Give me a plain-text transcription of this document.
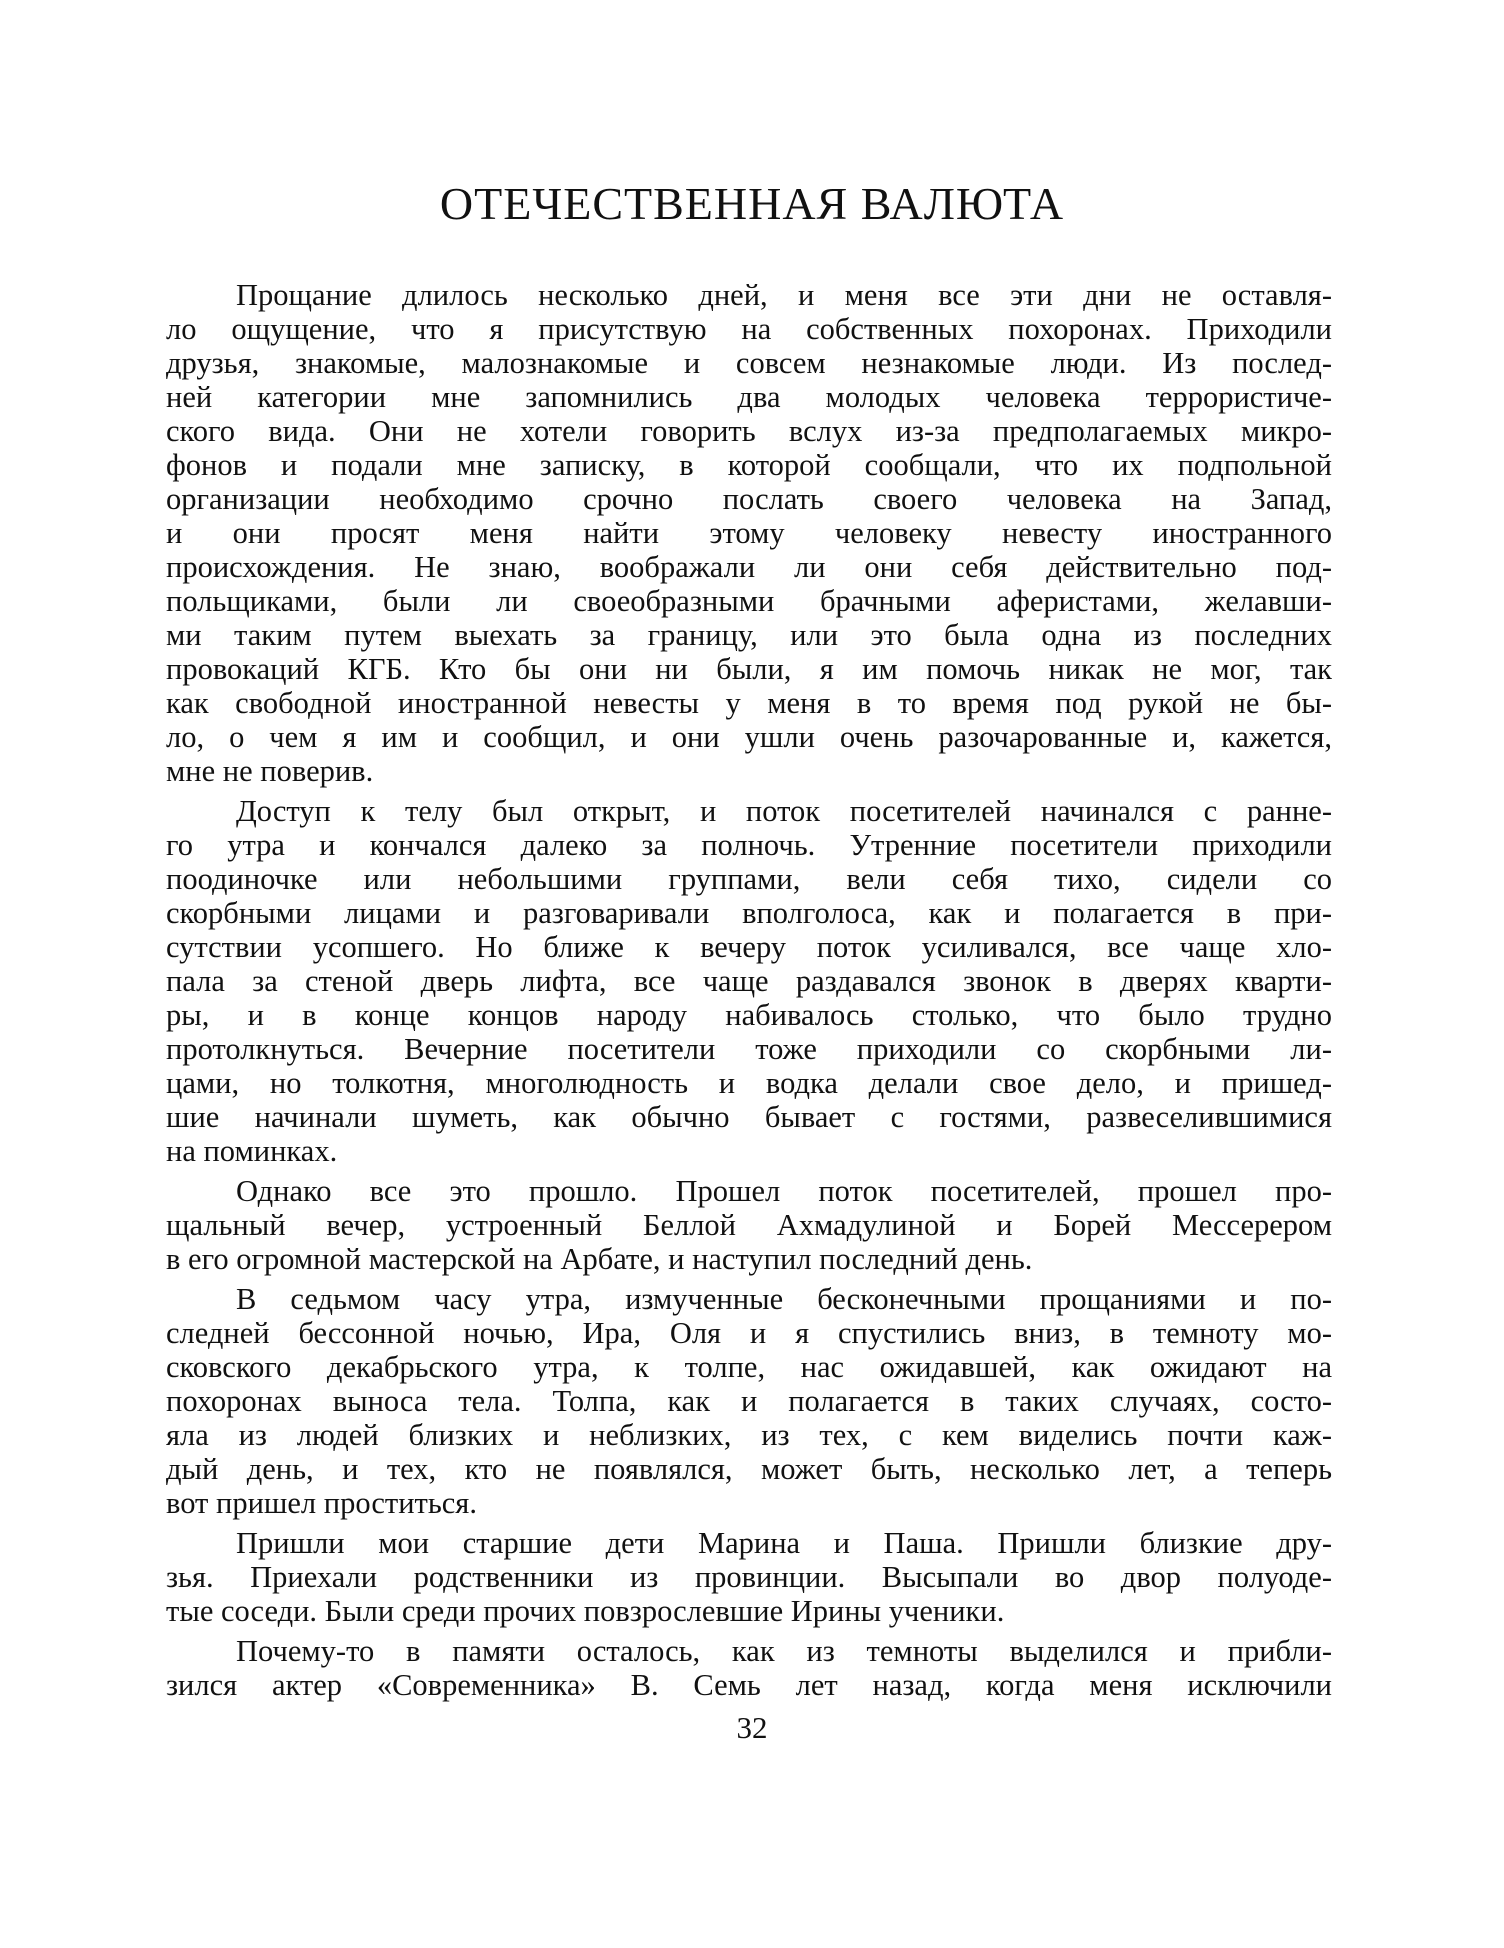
ОТЕЧЕСТВЕННАЯ ВАЛЮТА
Прощание длилось несколько дней, и меня все эти дни не оставля-
ло ощущение, что я присутствую на собственных похоронах. Приходили
друзья, знакомые, малознакомые и совсем незнакомые люди. Из послед-
ней категории мне запомнились два молодых человека террористиче-
ского вида. Они не хотели говорить вслух из-за предполагаемых микро-
фонов и подали мне записку, в которой сообщали, что их подпольной
организации необходимо срочно послать своего человека на Запад,
и они просят меня найти этому человеку невесту иностранного
происхождения. Не знаю, воображали ли они себя действительно под-
польщиками, были ли своеобразными брачными аферистами, желавши-
ми таким путем выехать за границу, или это была одна из последних
провокаций КГБ. Кто бы они ни были, я им помочь никак не мог, так
как свободной иностранной невесты у меня в то время под рукой не бы-
ло, о чем я им и сообщил, и они ушли очень разочарованные и, кажется,
мне не поверив.
Доступ к телу был открыт, и поток посетителей начинался с ранне-
го утра и кончался далеко за полночь. Утренние посетители приходили
поодиночке или небольшими группами, вели себя тихо, сидели со
скорбными лицами и разговаривали вполголоса, как и полагается в при-
сутствии усопшего. Но ближе к вечеру поток усиливался, все чаще хло-
пала за стеной дверь лифта, все чаще раздавался звонок в дверях кварти-
ры, и в конце концов народу набивалось столько, что было трудно
протолкнуться. Вечерние посетители тоже приходили со скорбными ли-
цами, но толкотня, многолюдность и водка делали свое дело, и пришед-
шие начинали шуметь, как обычно бывает с гостями, развеселившимися
на поминках.
Однако все это прошло. Прошел поток посетителей, прошел про-
щальный вечер, устроенный Беллой Ахмадулиной и Борей Мессерером
в его огромной мастерской на Арбате, и наступил последний день.
В седьмом часу утра, измученные бесконечными прощаниями и по-
следней бессонной ночью, Ира, Оля и я спустились вниз, в темноту мо-
сковского декабрьского утра, к толпе, нас ожидавшей, как ожидают на
похоронах выноса тела. Толпа, как и полагается в таких случаях, состо-
яла из людей близких и неблизких, из тех, с кем виделись почти каж-
дый день, и тех, кто не появлялся, может быть, несколько лет, а теперь
вот пришел проститься.
Пришли мои старшие дети Марина и Паша. Пришли близкие дру-
зья. Приехали родственники из провинции. Высыпали во двор полуоде-
тые соседи. Были среди прочих повзрослевшие Ирины ученики.
Почему-то в памяти осталось, как из темноты выделился и прибли-
зился актер «Современника» В. Семь лет назад, когда меня исключили
32
